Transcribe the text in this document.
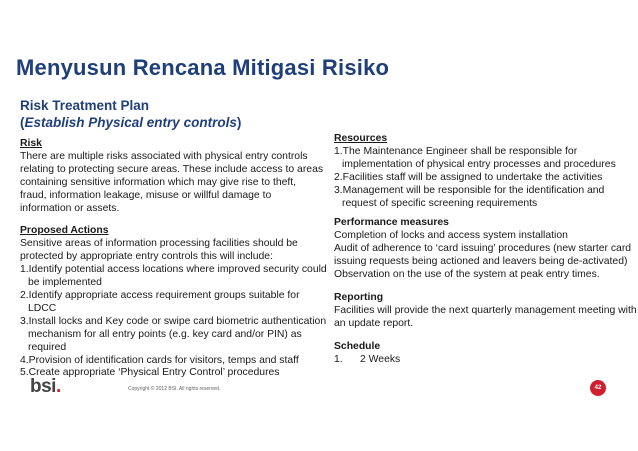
Menyusun Rencana Mitigasi Risiko
Risk Treatment Plan
(Establish Physical entry controls)
Risk
There are multiple risks associated with physical entry controls
relating to protecting secure areas. These include access to areas
containing sensitive information which may give rise to theft,
fraud, information leakage, misuse or willful damage to
information or assets.
Proposed Actions
Sensitive areas of information processing facilities should be
protected by appropriate entry controls this will include:
1.Identify potential access locations where improved security could
be implemented
2.Identify appropriate access requirement groups suitable for
LDCC
3.Install locks and Key code or swipe card biometric authentication
mechanism for all entry points (e.g. key card and/or PIN) as
required
4.Provision of identification cards for visitors, temps and staff
5.Create appropriate ‘Physical Entry Control’ procedures
Resources
1.The Maintenance Engineer shall be responsible for
implementation of physical entry processes and procedures
2.Facilities staff will be assigned to undertake the activities
3.Management will be responsible for the identification and
request of specific screening requirements
Performance measures
Completion of locks and access system installation
Audit of adherence to ‘card issuing’ procedures (new starter card
issuing requests being actioned and leavers being de-activated)
Observation on the use of the system at peak entry times.
Reporting
Facilities will provide the next quarterly management meeting with
an update report.
Schedule
1. 2 Weeks
bsi.	Copyright © 2012 BSI. All rights reserved.	42
